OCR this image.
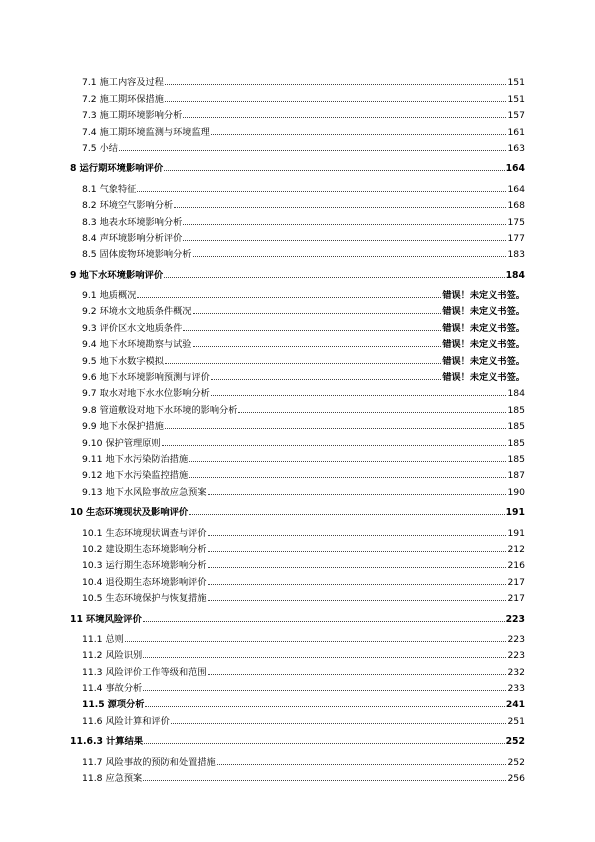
7.1 施工内容及过程	151
7.2 施工期环保措施	151
7.3 施工期环境影响分析	157
7.4 施工期环境监测与环境监理	161
7.5 小结	163
8 运行期环境影响评价	164
8.1 气象特征	164
8.2 环境空气影响分析	168
8.3 地表水环境影响分析	175
8.4 声环境影响分析评价	177
8.5 固体废物环境影响分析	183
9 地下水环境影响评价	184
9.1 地质概况	错误！未定义书签。
9.2 环境水文地质条件概况	错误！未定义书签。
9.3 评价区水文地质条件	错误！未定义书签。
9.4 地下水环境勘察与试验	错误！未定义书签。
9.5 地下水数字模拟	错误！未定义书签。
9.6 地下水环境影响预测与评价	错误！未定义书签。
9.7 取水对地下水水位影响分析	184
9.8 管道敷设对地下水环境的影响分析	185
9.9 地下水保护措施	185
9.10 保护管理原则	185
9.11 地下水污染防治措施	185
9.12 地下水污染监控措施	187
9.13 地下水风险事故应急预案	190
10 生态环境现状及影响评价	191
10.1 生态环境现状调查与评价	191
10.2 建设期生态环境影响分析	212
10.3 运行期生态环境影响分析	216
10.4 退役期生态环境影响评价	217
10.5 生态环境保护与恢复措施	217
11 环境风险评价	223
11.1 总则	223
11.2 风险识别	223
11.3 风险评价工作等级和范围	232
11.4 事故分析	233
11.5 源项分析	241
11.6 风险计算和评价	251
11.6.3 计算结果	252
11.7 风险事故的预防和处置措施	252
11.8 应急预案	256
